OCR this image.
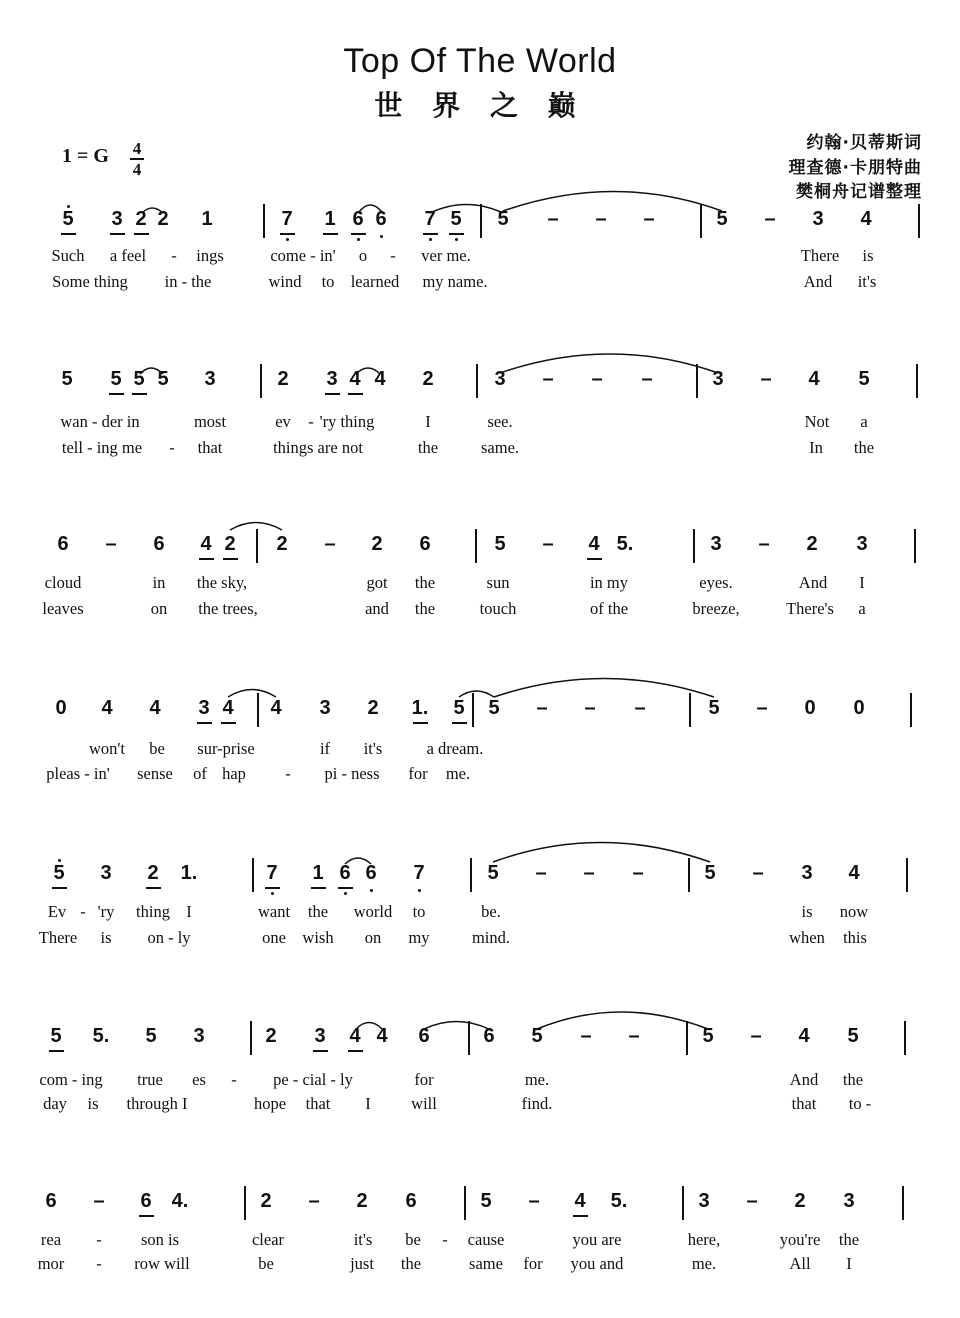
Top Of The World
世 界 之 巅
1 = G 4
4
约翰·贝蒂斯词
理查德·卡朋特曲
樊桐舟记谱整理
5 3 2 2 1	7 1 6 6 7 5 5 – – –	5 – 3 4
Such a feel - ings	come - in' o - ver me.	There is
Some thing in - the	wind to learned my name.	And it's
5 5 5 5 3	2 3 4 4 2	3 – – –	3 – 4 5
wan - der in	most	ev - 'ry thing	I	see.	Not a
tell - ing me - that	things are not	the	same.	In the
6 – 6 4 2 2 – 2 6	5 – 4 5.	3 – 2 3
cloud	in the sky,	got the	sun	in my	eyes.	And I
leaves	on the trees,	and the	touch	of the	breeze,	There's a
0 4 4 3 4 4 3 2 1. 5 5 – – –	5 – 0 0
won't be sur-prise	if it's	a dream.
pleas - in' sense of hap - pi - ness for me.
5 3 2 1.	7 1 6 6 7	5 – – –	5 – 3 4
Ev - 'ry thing I	want the world to	be.	is now
There is on - ly	one wish on my	mind.	when this
5 5. 5 3	2 3 4 4 6	6 5 – –	5 – 4 5
com - ing true es - pe - cial - ly	for	me.	And the
day is through I	hope that I will	find.	that to -
6 – 6 4.	2 – 2 6	5 – 4 5.	3 – 2 3
rea - son is	clear	it's be - cause	you are	here,	you're the
mor - row will	be	just the	same for you and	me.	All I
